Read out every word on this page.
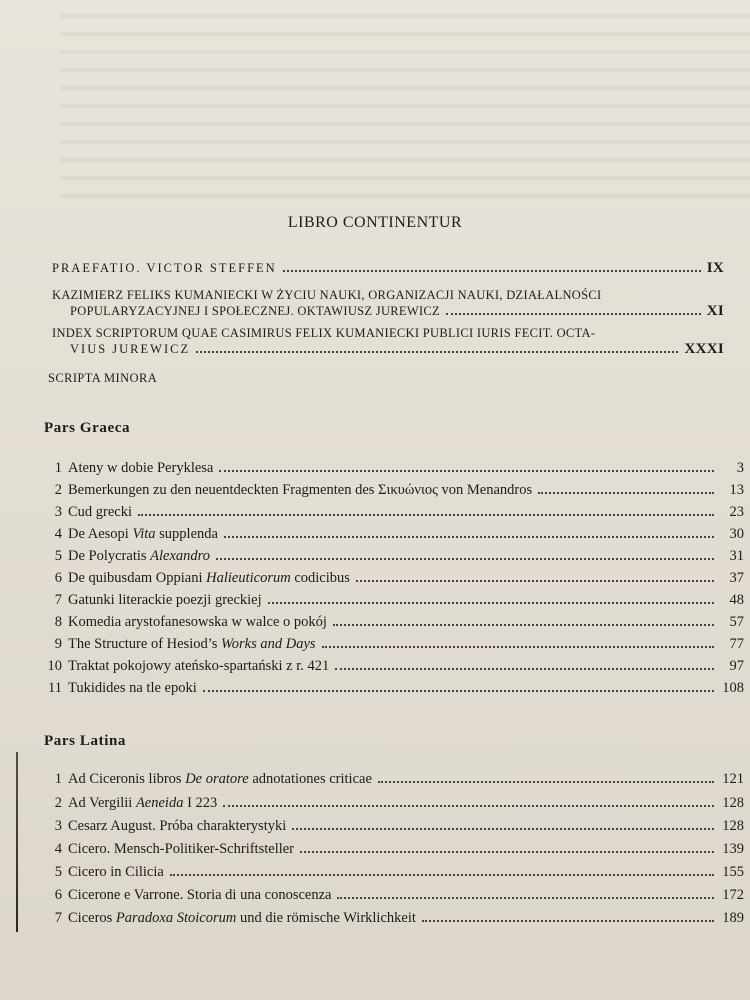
LIBRO CONTINENTUR
PRAEFATIO. VICTOR STEFFEN	IX
KAZIMIERZ FELIKS KUMANIECKI W ŻYCIU NAUKI, ORGANIZACJI NAUKI, DZIAŁALNOŚCI
POPULARYZACYJNEJ I SPOŁECZNEJ. OKTAWIUSZ JUREWICZ	XI
INDEX SCRIPTORUM QUAE CASIMIRUS FELIX KUMANIECKI PUBLICI IURIS FECIT. OCTA-
VIUS JUREWICZ	XXXI
SCRIPTA MINORA
Pars Graeca
1 Ateny w dobie Peryklesa	3
2 Bemerkungen zu den neuentdeckten Fragmenten des Σικυώνιος von Menandros	13
3 Cud grecki	23
4 De Aesopi Vita supplenda	30
5 De Polycratis Alexandro	31
6 De quibusdam Oppiani Halieuticorum codicibus	37
7 Gatunki literackie poezji greckiej	48
8 Komedia arystofanesowska w walce o pokój	57
9 The Structure of Hesiod’s Works and Days	77
10 Traktat pokojowy ateńsko-spartański z r. 421	97
11 Tukidides na tle epoki	108
Pars Latina
1 Ad Ciceronis libros De oratore adnotationes criticae	121
2 Ad Vergilii Aeneida I 223	128
3 Cesarz August. Próba charakterystyki	128
4 Cicero. Mensch-Politiker-Schriftsteller	139
5 Cicero in Cilicia	155
6 Cicerone e Varrone. Storia di una conoscenza	172
7 Ciceros Paradoxa Stoicorum und die römische Wirklichkeit	189
